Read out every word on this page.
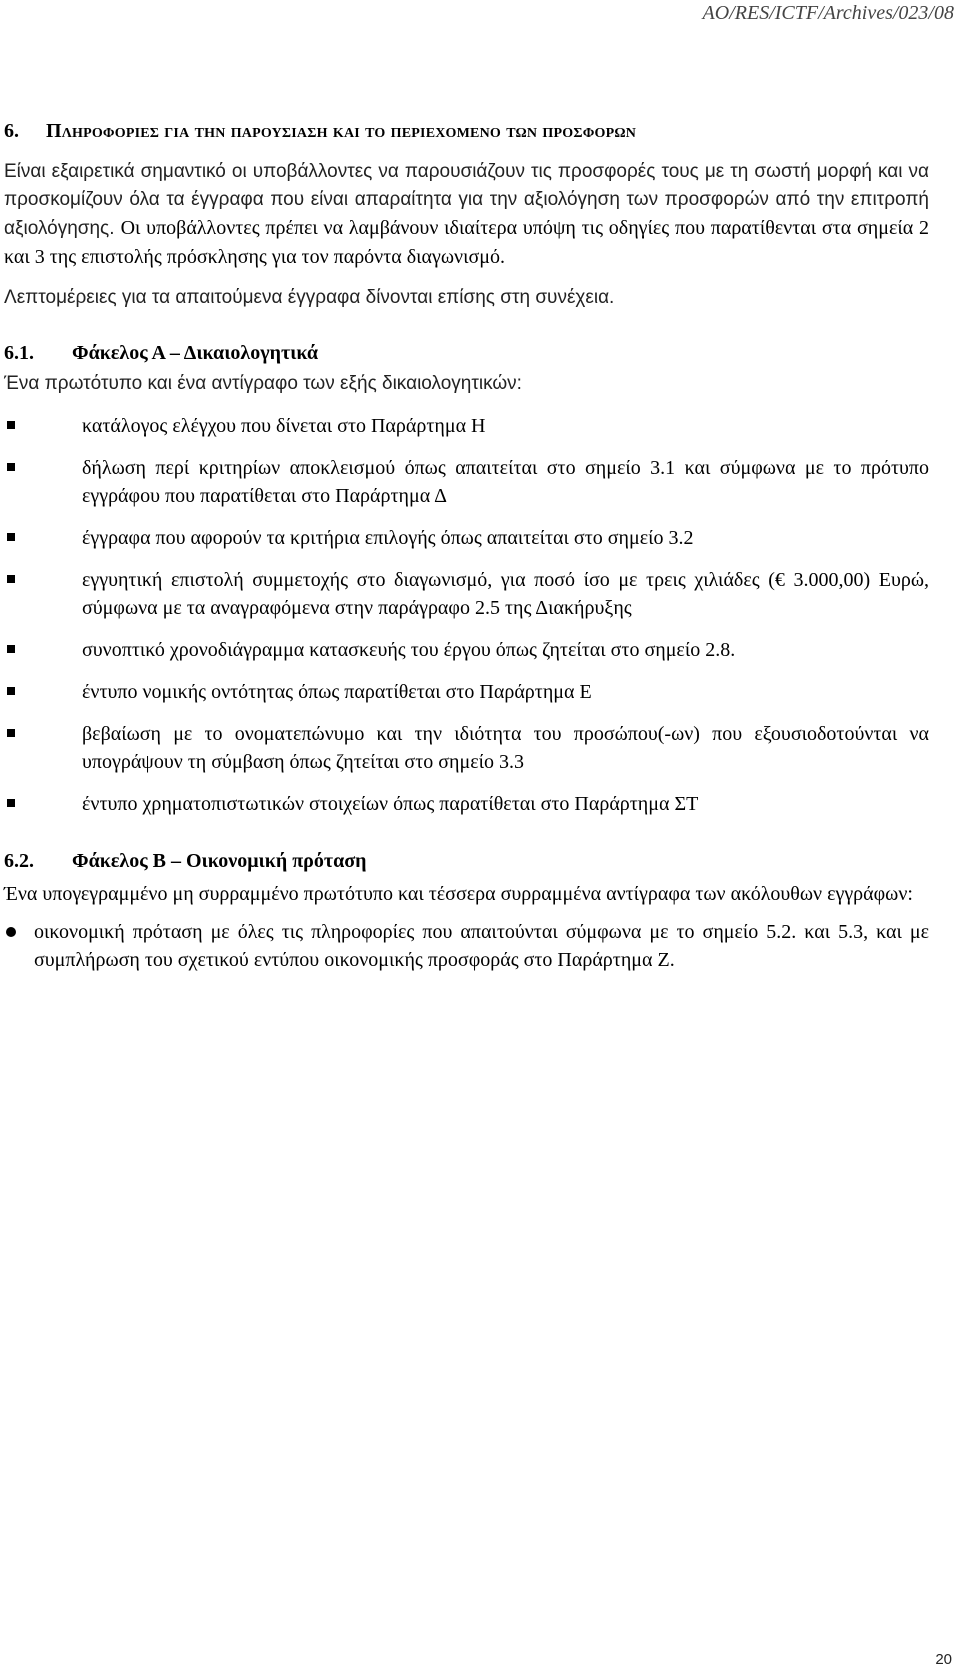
AO/RES/ICTF/Archives/023/08
6.	Πληροφοριες για την παρουσιαση και το περιεχομενο των προσφορων

Είναι εξαιρετικά σημαντικό οι υποβάλλοντες να παρουσιάζουν τις προσφορές τους με τη σωστή μορφή και να προσκομίζουν όλα τα έγγραφα που είναι απαραίτητα για την αξιολόγηση των προσφορών από την επιτροπή αξιολόγησης. Οι υποβάλλοντες πρέπει να λαμβάνουν ιδιαίτερα υπόψη τις οδηγίες που παρατίθενται στα σημεία 2 και 3 της επιστολής πρόσκλησης για τον παρόντα διαγωνισμό.

Λεπτομέρειες για τα απαιτούμενα έγγραφα δίνονται επίσης στη συνέχεια.

6.1.	Φάκελος Α – Δικαιολογητικά

Ένα πρωτότυπο και ένα αντίγραφο των εξής δικαιολογητικών:

κατάλογος ελέγχου που δίνεται στο Παράρτημα Η
δήλωση περί κριτηρίων αποκλεισμού όπως απαιτείται στο σημείο 3.1 και σύμφωνα με το πρότυπο εγγράφου που παρατίθεται στο Παράρτημα Δ
έγγραφα που αφορούν τα κριτήρια επιλογής όπως απαιτείται στο σημείο 3.2
εγγυητική επιστολή συμμετοχής στο διαγωνισμό, για ποσό ίσο με τρεις χιλιάδες (€ 3.000,00) Ευρώ, σύμφωνα με τα αναγραφόμενα στην παράγραφο 2.5 της Διακήρυξης
συνοπτικό χρονοδιάγραμμα κατασκευής του έργου όπως ζητείται στο σημείο 2.8.
έντυπο νομικής οντότητας όπως παρατίθεται στο Παράρτημα Ε
βεβαίωση με το ονοματεπώνυμο και την ιδιότητα του προσώπου(-ων) που εξουσιοδοτούνται να υπογράψουν τη σύμβαση όπως ζητείται στο σημείο 3.3
έντυπο χρηματοπιστωτικών στοιχείων όπως παρατίθεται στο Παράρτημα ΣΤ
6.2.	Φάκελος Β – Οικονομική πρόταση

Ένα υπογεγραμμένο μη συρραμμένο πρωτότυπο και τέσσερα συρραμμένα αντίγραφα των ακόλουθων εγγράφων:

οικονομική πρόταση με όλες τις πληροφορίες που απαιτούνται σύμφωνα με το σημείο 5.2. και 5.3, και με συμπλήρωση του σχετικού εντύπου οικονομικής προσφοράς στο Παράρτημα Ζ.
20
